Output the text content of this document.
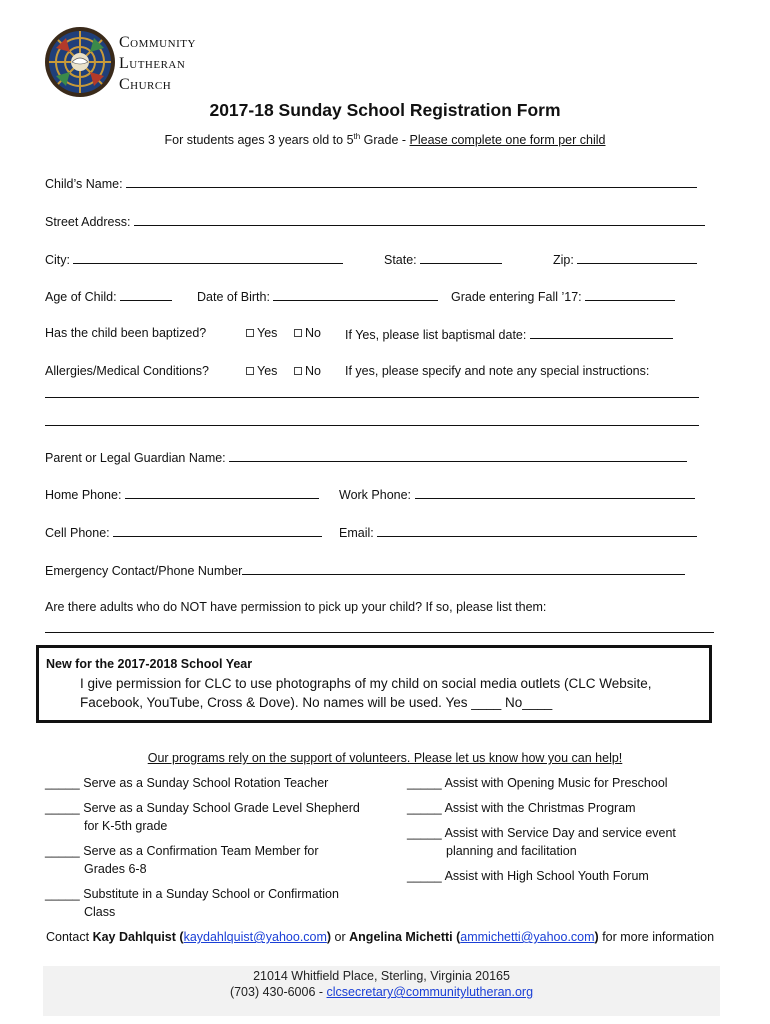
Community
Lutheran
Church
2017-18 Sunday School Registration Form
For students ages 3 years old to 5th Grade - Please complete one form per child
Child’s Name:
Street Address:
City:	State:	Zip:
Age of Child:	Date of Birth:	Grade entering Fall ’17:
Has the child been baptized?	Yes	No If Yes, please list baptismal date:
Allergies/Medical Conditions?	Yes	No If yes, please specify and note any special instructions:
Parent or Legal Guardian Name:
Home Phone:	Work Phone:
Cell Phone:	Email:
Emergency Contact/Phone Number
Are there adults who do NOT have permission to pick up your child? If so, please list them:
New for the 2017-2018 School Year
I give permission for CLC to use photographs of my child on social media outlets (CLC Website,
Facebook, YouTube, Cross & Dove). No names will be used. Yes ____ No____
Our programs rely on the support of volunteers. Please let us know how you can help!
_____ Serve as a Sunday School Rotation Teacher
_____ Serve as a Sunday School Grade Level Shepherd
for K-5th grade
_____ Serve as a Confirmation Team Member for
Grades 6-8
_____ Substitute in a Sunday School or Confirmation
Class
_____ Assist with Opening Music for Preschool
_____ Assist with the Christmas Program
_____ Assist with Service Day and service event
planning and facilitation
_____ Assist with High School Youth Forum
Contact Kay Dahlquist (kaydahlquist@yahoo.com) or Angelina Michetti (ammichetti@yahoo.com) for more information
21014 Whitfield Place, Sterling, Virginia 20165
(703) 430-6006 - clcsecretary@communitylutheran.org
